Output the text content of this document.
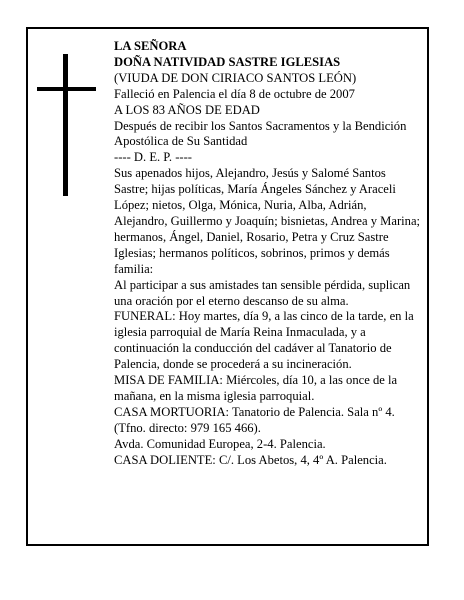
LA SEÑORA

DOÑA NATIVIDAD SASTRE IGLESIAS

(VIUDA DE DON CIRIACO SANTOS LEÓN)

Falleció en Palencia el día 8 de octubre de 2007

A LOS 83 AÑOS DE EDAD

Después de recibir los Santos Sacramentos y la Bendición Apostólica de Su Santidad

---- D. E. P. ----

Sus apenados hijos, Alejandro, Jesús y Salomé Santos Sastre; hijas políticas, María Ángeles Sánchez y Araceli López; nietos, Olga, Mónica, Nuria, Alba, Adrián, Alejandro, Guillermo y Joaquín; bisnietas, Andrea y Marina; hermanos, Ángel, Daniel, Rosario, Petra y Cruz Sastre Iglesias; hermanos políticos, sobrinos, primos y demás familia:

Al participar a sus amistades tan sensible pérdida, suplican una oración por el eterno descanso de su alma.

FUNERAL: Hoy martes, día 9, a las cinco de la tarde, en la iglesia parroquial de María Reina Inmaculada, y a continuación la conducción del cadáver al Tanatorio de Palencia, donde se procederá a su incineración.

MISA DE FAMILIA: Miércoles, día 10, a las once de la mañana, en la misma iglesia parroquial.

CASA MORTUORIA: Tanatorio de Palencia. Sala nº 4. (Tfno. directo: 979 165 466).

Avda. Comunidad Europea, 2-4. Palencia.

CASA DOLIENTE: C/. Los Abetos, 4, 4º A. Palencia.
